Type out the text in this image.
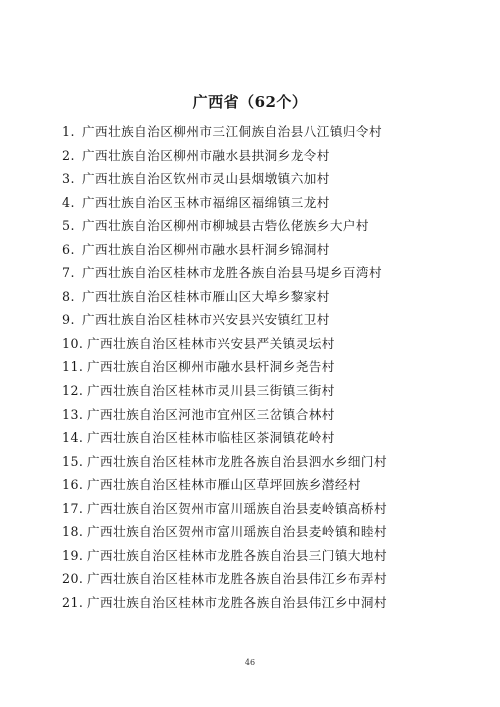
广西省（62个）
1. 广西壮族自治区柳州市三江侗族自治县八江镇归令村
2. 广西壮族自治区柳州市融水县拱洞乡龙令村
3. 广西壮族自治区钦州市灵山县烟墩镇六加村
4. 广西壮族自治区玉林市福绵区福绵镇三龙村
5. 广西壮族自治区柳州市柳城县古砦仫佬族乡大户村
6. 广西壮族自治区柳州市融水县杆洞乡锦洞村
7. 广西壮族自治区桂林市龙胜各族自治县马堤乡百湾村
8. 广西壮族自治区桂林市雁山区大埠乡黎家村
9. 广西壮族自治区桂林市兴安县兴安镇红卫村
10. 广西壮族自治区桂林市兴安县严关镇灵坛村
11. 广西壮族自治区柳州市融水县杆洞乡尧告村
12. 广西壮族自治区桂林市灵川县三街镇三街村
13. 广西壮族自治区河池市宜州区三岔镇合林村
14. 广西壮族自治区桂林市临桂区茶洞镇花岭村
15. 广西壮族自治区桂林市龙胜各族自治县泗水乡细门村
16. 广西壮族自治区桂林市雁山区草坪回族乡潜经村
17. 广西壮族自治区贺州市富川瑶族自治县麦岭镇高桥村
18. 广西壮族自治区贺州市富川瑶族自治县麦岭镇和睦村
19. 广西壮族自治区桂林市龙胜各族自治县三门镇大地村
20. 广西壮族自治区桂林市龙胜各族自治县伟江乡布弄村
21. 广西壮族自治区桂林市龙胜各族自治县伟江乡中洞村
46
